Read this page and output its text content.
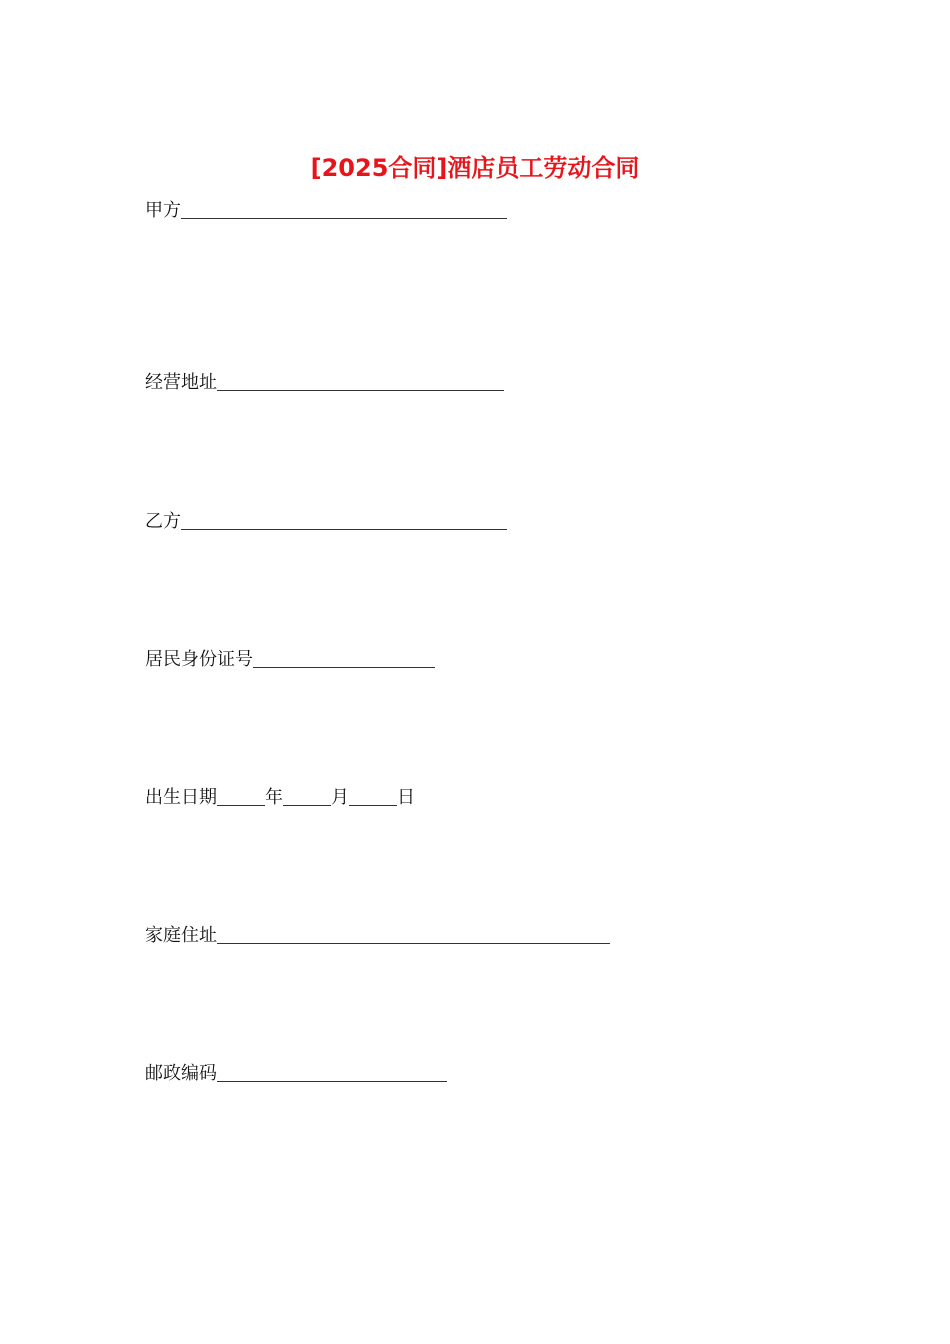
[2025合同]酒店员工劳动合同
甲方
经营地址
乙方
居民身份证号
出生日期	年	月	日
家庭住址
邮政编码
